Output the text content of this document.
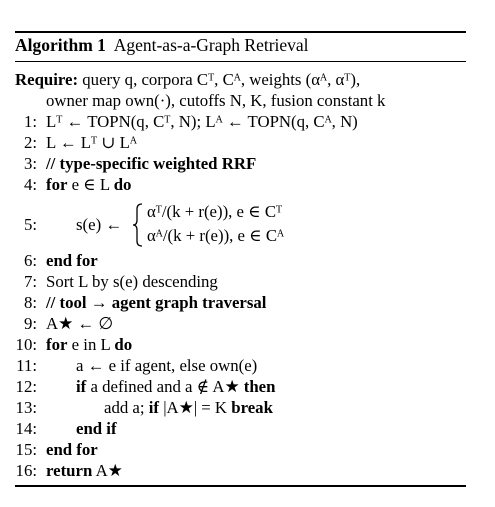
Algorithm 1 Agent-as-a-Graph Retrieval
Require: query q, corpora Cᵀ, Cᴬ, weights (αᴬ, αᵀ),
owner map own(·), cutoffs N, K, fusion constant k
1: Lᵀ ← TOPN(q, Cᵀ, N); Lᴬ ← TOPN(q, Cᴬ, N)
2: L ← Lᵀ ∪ Lᴬ
3: // type-specific weighted RRF
4: for e ∈ L do
5: s(e) ←
αᵀ/(k + r(e)), e ∈ Cᵀ
αᴬ/(k + r(e)), e ∈ Cᴬ
6: end for
7: Sort L by s(e) descending
8: // tool → agent graph traversal
9: A★ ← ∅
10: for e in L do
11: a ← e if agent, else own(e)
12: if a defined and a ∉ A★ then
13:	add a; if |A★| = K break
14: end if
15: end for
16: return A★
